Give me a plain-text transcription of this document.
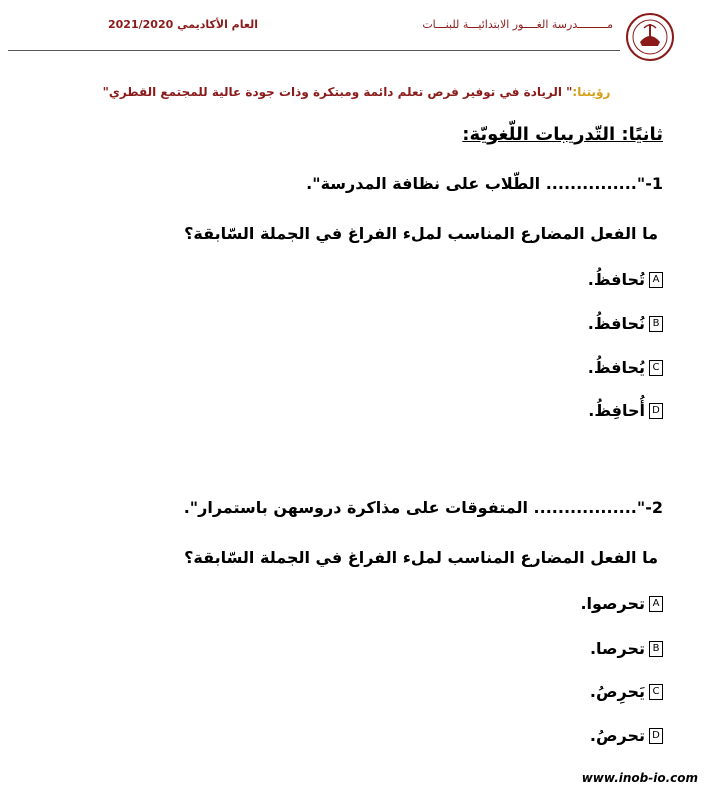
العام الأكاديمي 2021/2020	مـــــــــدرسة الغــــور الابتدائيـــة للبنـــات
رؤيتنا:" الريادة في توفير فرص تعلم دائمة ومبتكرة وذات جودة عالية للمجتمع القطري"
ثانيًا: التّدريبات اللّغويّة:
1-"............... الطّلاب على نظافة المدرسة".
ما الفعل المضارع المناسب لملء الفراغ في الجملة السّابقة؟
A
تُحافظُ.
B
نُحافظُ.
C
يُحافظُ.
D
أُحافِظُ.
2-"................. المتفوقات على مذاكرة دروسهن باستمرار".
ما الفعل المضارع المناسب لملء الفراغ في الجملة السّابقة؟
A
تحرصوا.
B
تحرصا.
C
يَحرِصُ.
D
تحرصُ.
www.inob-io.com
